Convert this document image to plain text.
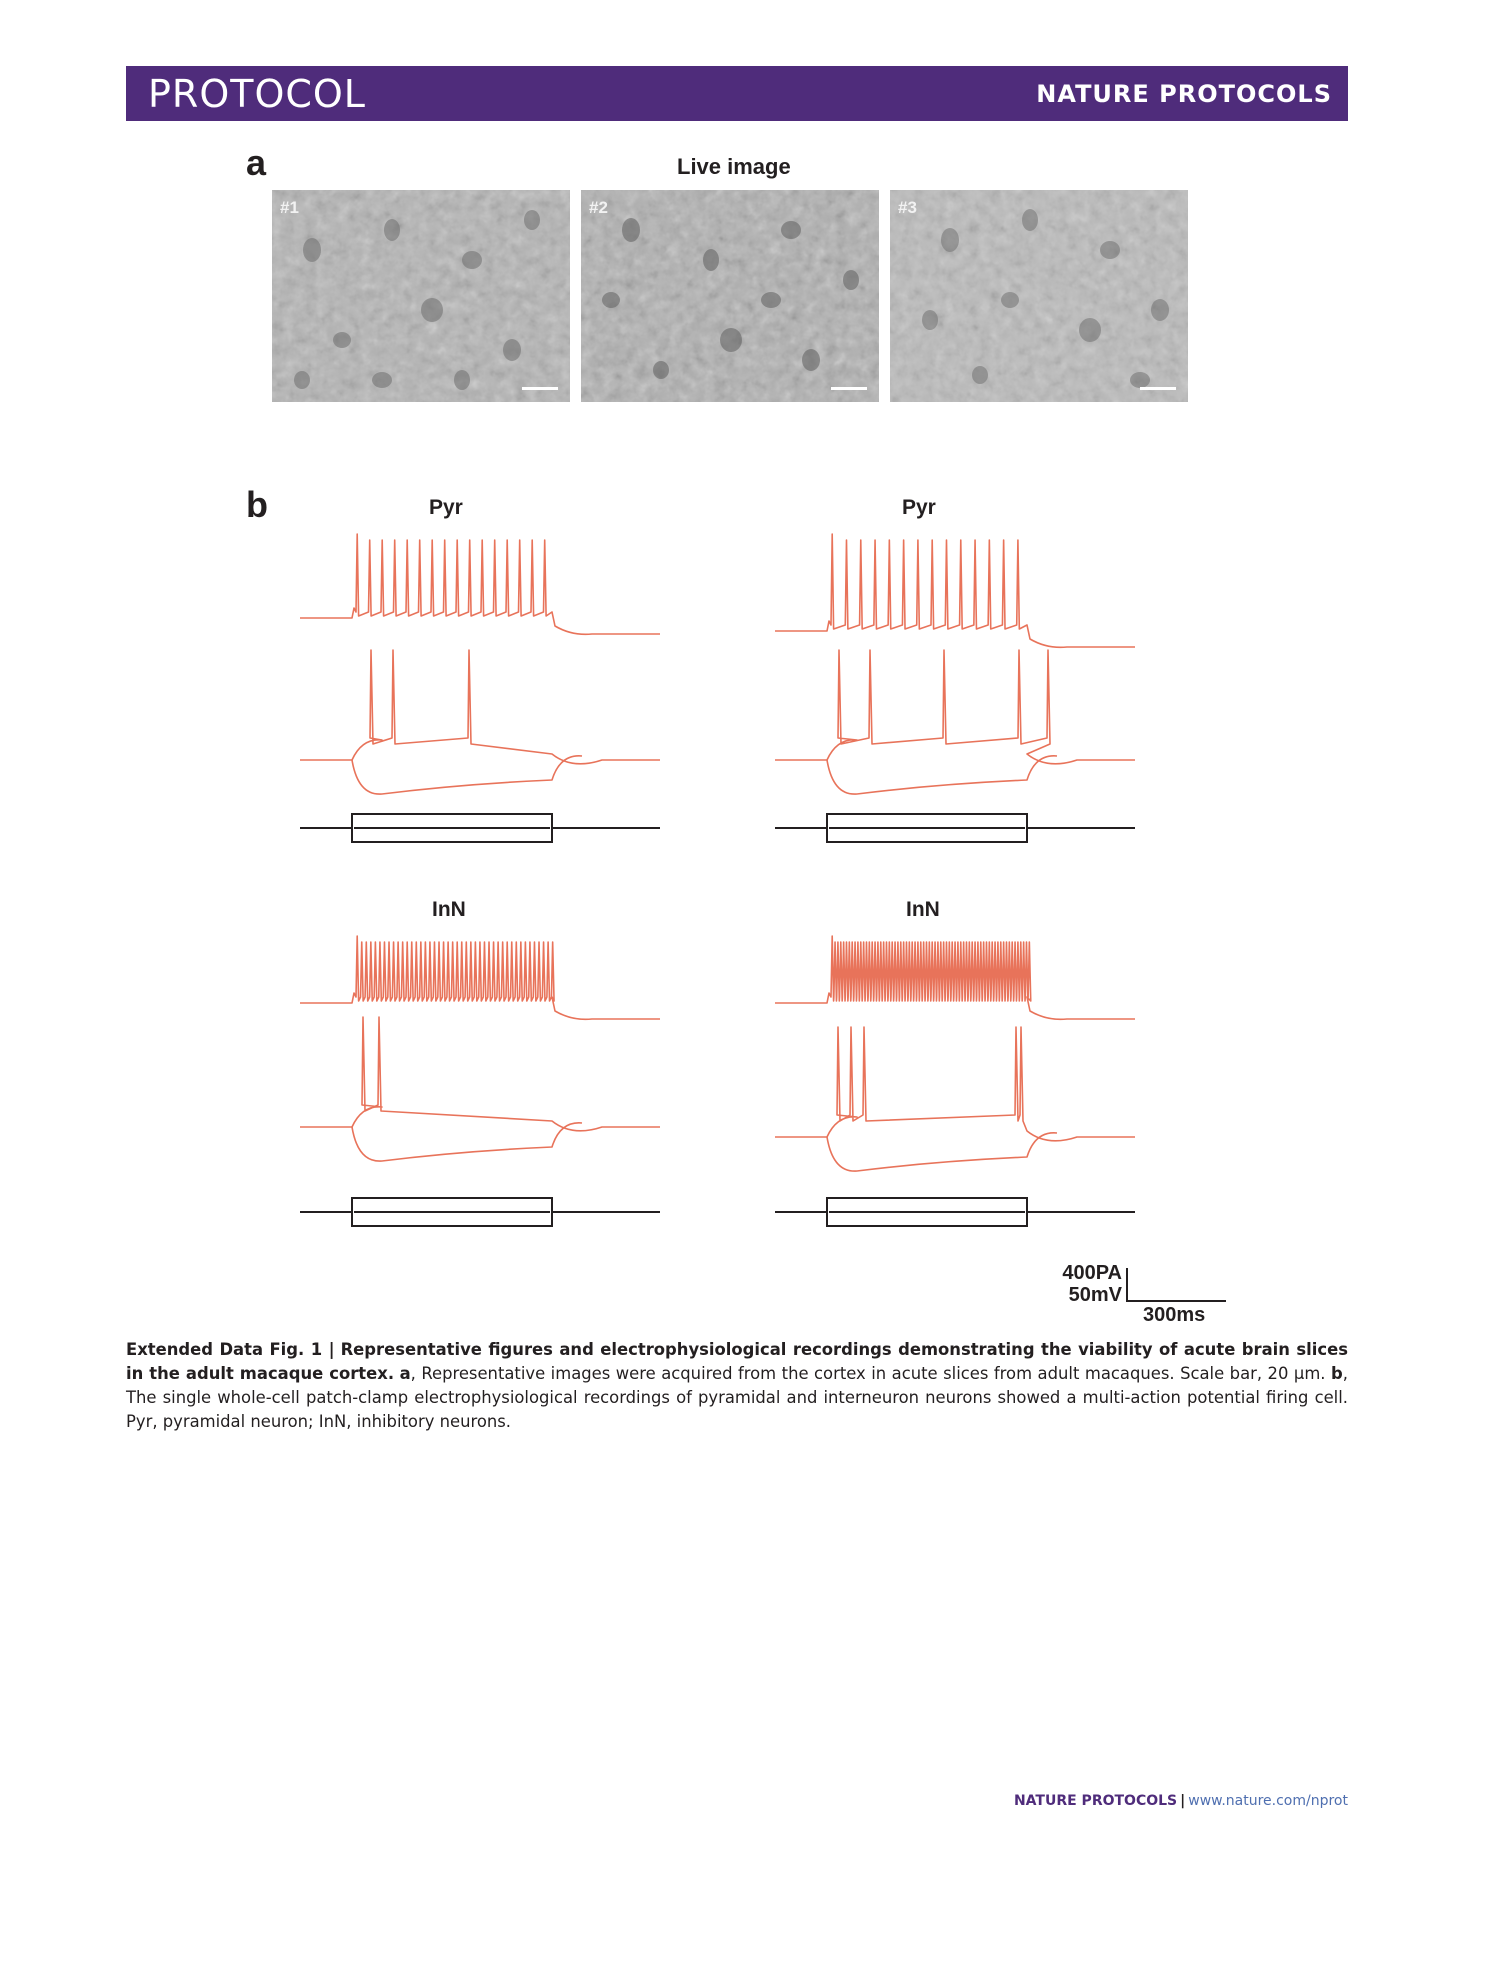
PROTOCOL	NATURE PROTOCOLS
a	Live image
#1	#2	#3
b	Pyr	Pyr
InN	InN
400PA
50mV
300ms
Extended Data Fig. 1 | Representative figures and electrophysiological recordings demonstrating the viability of acute brain slices in the adult macaque cortex. a, Representative images were acquired from the cortex in acute slices from adult macaques. Scale bar, 20 µm. b, The single whole-cell patch-clamp electrophysiological recordings of pyramidal and interneuron neurons showed a multi-action potential firing cell. Pyr, pyramidal neuron; InN, inhibitory neurons.
NATURE PROTOCOLS | www.nature.com/nprot
